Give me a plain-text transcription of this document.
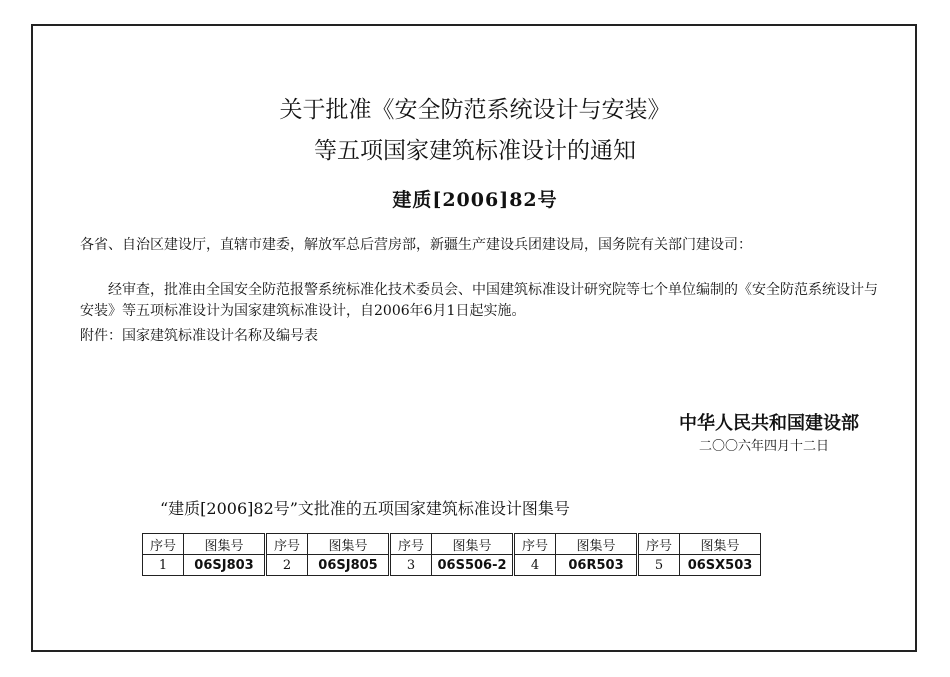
关于批准《安全防范系统设计与安装》
等五项国家建筑标准设计的通知
建质[2006]82号
各省、自治区建设厅，直辖市建委，解放军总后营房部，新疆生产建设兵团建设局，国务院有关部门建设司：
经审查，批准由全国安全防范报警系统标准化技术委员会、中国建筑标准设计研究院等七个单位编制的《安全防范系统设计与安装》等五项标准设计为国家建筑标准设计，自2006年6月1日起实施。
附件：国家建筑标准设计名称及编号表
中华人民共和国建设部
二〇〇六年四月十二日
“建质[2006]82号”文批准的五项国家建筑标准设计图集号
序号	图集号	序号	图集号	序号	图集号	序号	图集号	序号	图集号
1	06SJ803	2	06SJ805	3	06S506-2	4	06R503	5	06SX503
